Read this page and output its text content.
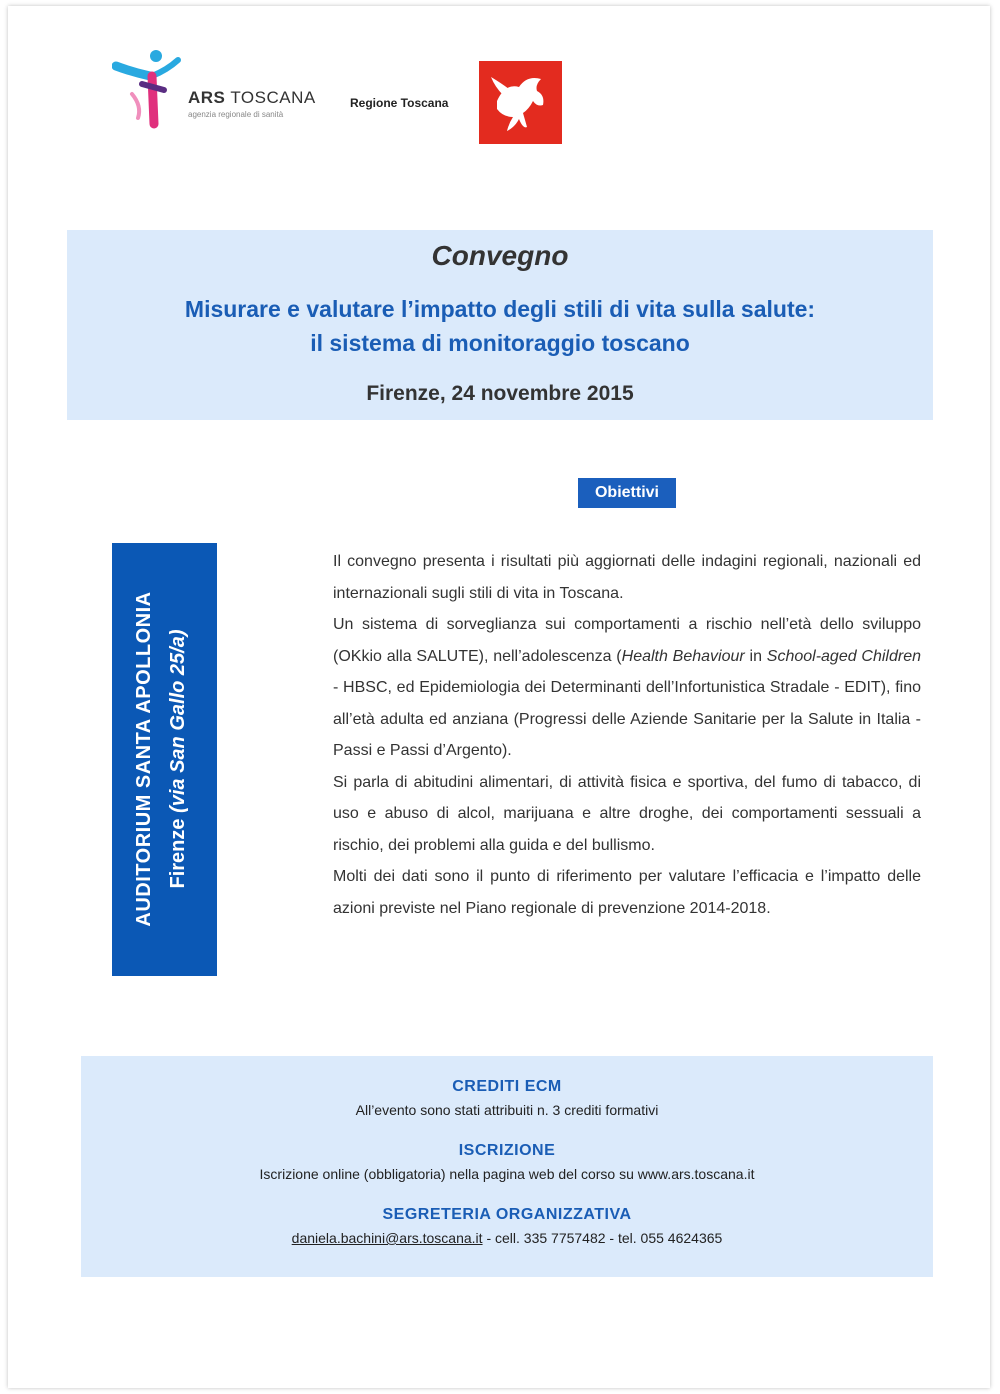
ARS TOSCANA
agenzia regionale di sanità
Regione Toscana
Convegno
Misurare e valutare l’impatto degli stili di vita sulla salute:
il sistema di monitoraggio toscano
Firenze, 24 novembre 2015
Obiettivi
AUDITORIUM SANTA APOLLONIA Firenze (via San Gallo 25/a)

Il convegno presenta i risultati più aggiornati delle indagini regionali, nazionali ed internazionali sugli stili di vita in Toscana.

Un sistema di sorveglianza sui comportamenti a rischio nell’età dello sviluppo (OKkio alla SALUTE), nell’adolescenza (Health Behaviour in School-aged Children - HBSC, ed Epidemiologia dei Determinanti dell’Infortunistica Stradale - EDIT), fino all’età adulta ed anziana (Progressi delle Aziende Sanitarie per la Salute in Italia - Passi e Passi d’Argento).

Si parla di abitudini alimentari, di attività fisica e sportiva, del fumo di tabacco, di uso e abuso di alcol, marijuana e altre droghe, dei comportamenti sessuali a rischio, dei problemi alla guida e del bullismo.

Molti dei dati sono il punto di riferimento per valutare l’efficacia e l’impatto delle azioni previste nel Piano regionale di prevenzione 2014-2018.

CREDITI ECM
All’evento sono stati attribuiti n. 3 crediti formativi
ISCRIZIONE
Iscrizione online (obbligatoria) nella pagina web del corso su www.ars.toscana.it
SEGRETERIA ORGANIZZATIVA
daniela.bachini@ars.toscana.it - cell. 335 7757482 - tel. 055 4624365
